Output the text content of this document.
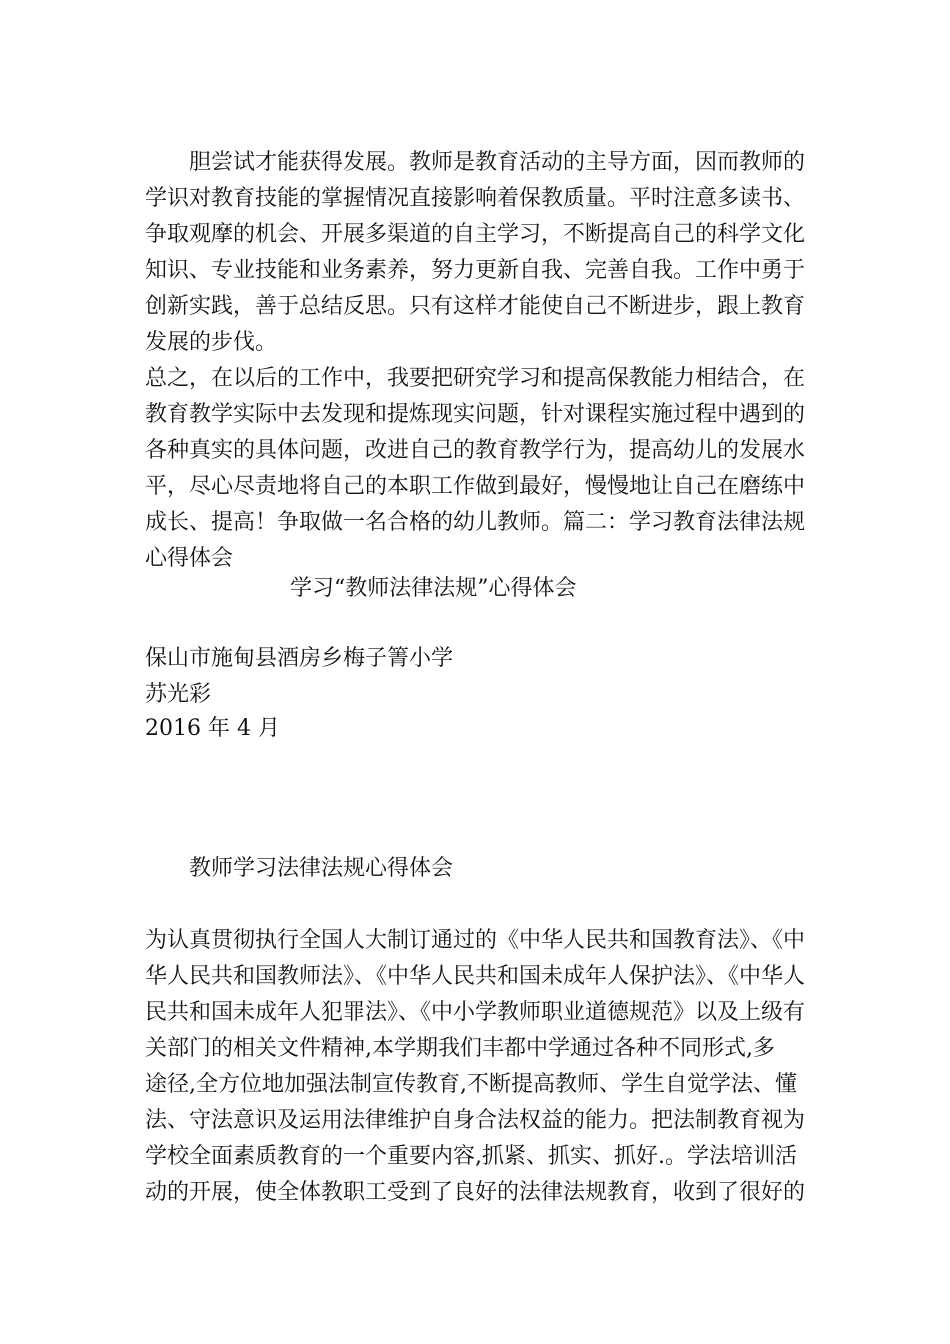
　　胆尝试才能获得发展。教师是教育活动的主导方面，因而教师的
学识对教育技能的掌握情况直接影响着保教质量。平时注意多读书、
争取观摩的机会、开展多渠道的自主学习，不断提高自己的科学文化
知识、专业技能和业务素养，努力更新自我、完善自我。工作中勇于
创新实践，善于总结反思。只有这样才能使自己不断进步，跟上教育
发展的步伐。
总之，在以后的工作中，我要把研究学习和提高保教能力相结合，在
教育教学实际中去发现和提炼现实问题，针对课程实施过程中遇到的
各种真实的具体问题，改进自己的教育教学行为，提高幼儿的发展水
平，尽心尽责地将自己的本职工作做到最好，慢慢地让自己在磨练中
成长、提高！争取做一名合格的幼儿教师。篇二：学习教育法律法规
心得体会
学习“教师法律法规”心得体会
保山市施甸县酒房乡梅子箐小学
苏光彩
2016 年 4 月
教师学习法律法规心得体会
为认真贯彻执行全国人大制订通过的《中华人民共和国教育法》、《中
华人民共和国教师法》、《中华人民共和国未成年人保护法》、《中华人
民共和国未成年人犯罪法》、《中小学教师职业道德规范》以及上级有
关部门的相关文件精神,本学期我们丰都中学通过各种不同形式,多
途径,全方位地加强法制宣传教育,不断提高教师、学生自觉学法、懂
法、守法意识及运用法律维护自身合法权益的能力。把法制教育视为
学校全面素质教育的一个重要内容,抓紧、抓实、抓好.。学法培训活
动的开展，使全体教职工受到了良好的法律法规教育，收到了很好的
